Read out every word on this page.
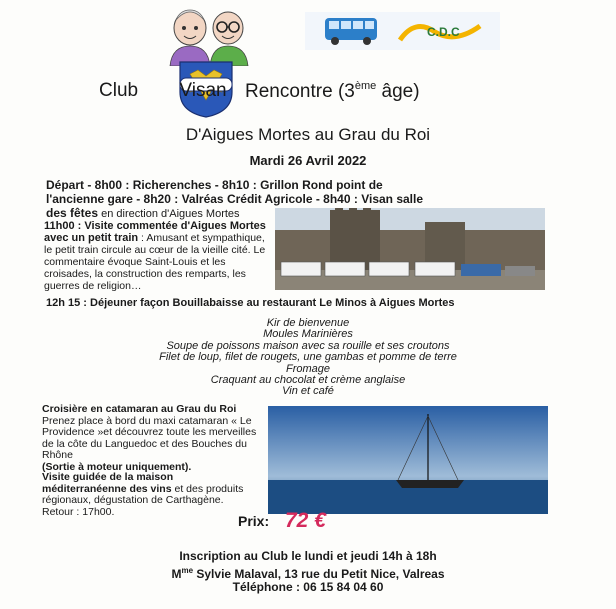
C.D.C
Club	Visan Rencontre (3ème âge)
D'Aigues Mortes au Grau du Roi
Mardi 26 Avril 2022
Départ - 8h00 : Richerenches - 8h10 : Grillon Rond point de
l'ancienne gare - 8h20 : Valréas Crédit Agricole - 8h40 : Visan salle
des fêtes en direction d'Aigues Mortes
11h00 : Visite commentée d'Aigues Mortes avec un petit train : Amusant et sympathique, le petit train circule au cœur de la vieille cité. Le commentaire évoque Saint-Louis et les croisades, la construction des remparts, les guerres de religion…
12h 15 : Déjeuner façon Bouillabaisse au restaurant Le Minos à Aigues Mortes
Kir de bienvenue
Moules Marinières
Soupe de poissons maison avec sa rouille et ses croutons
Filet de loup, filet de rougets, une gambas et pomme de terre
Fromage
Craquant au chocolat et crème anglaise
Vin et café
Croisière en catamaran au Grau du Roi
Prenez place à bord du maxi catamaran « Le Providence »et découvrez toute les merveilles de la côte du Languedoc et des Bouches du Rhône
(Sortie à moteur uniquement).
Visite guidée de la maison méditerranéenne des vins et des produits régionaux, dégustation de Carthagène. Retour : 17h00.
Prix: 72 €
Inscription au Club le lundi et jeudi 14h à 18h
$M^{me}$ Sylvie Malaval, 13 rue du Petit Nice, Valreas
Téléphone : 06 15 84 04 60
